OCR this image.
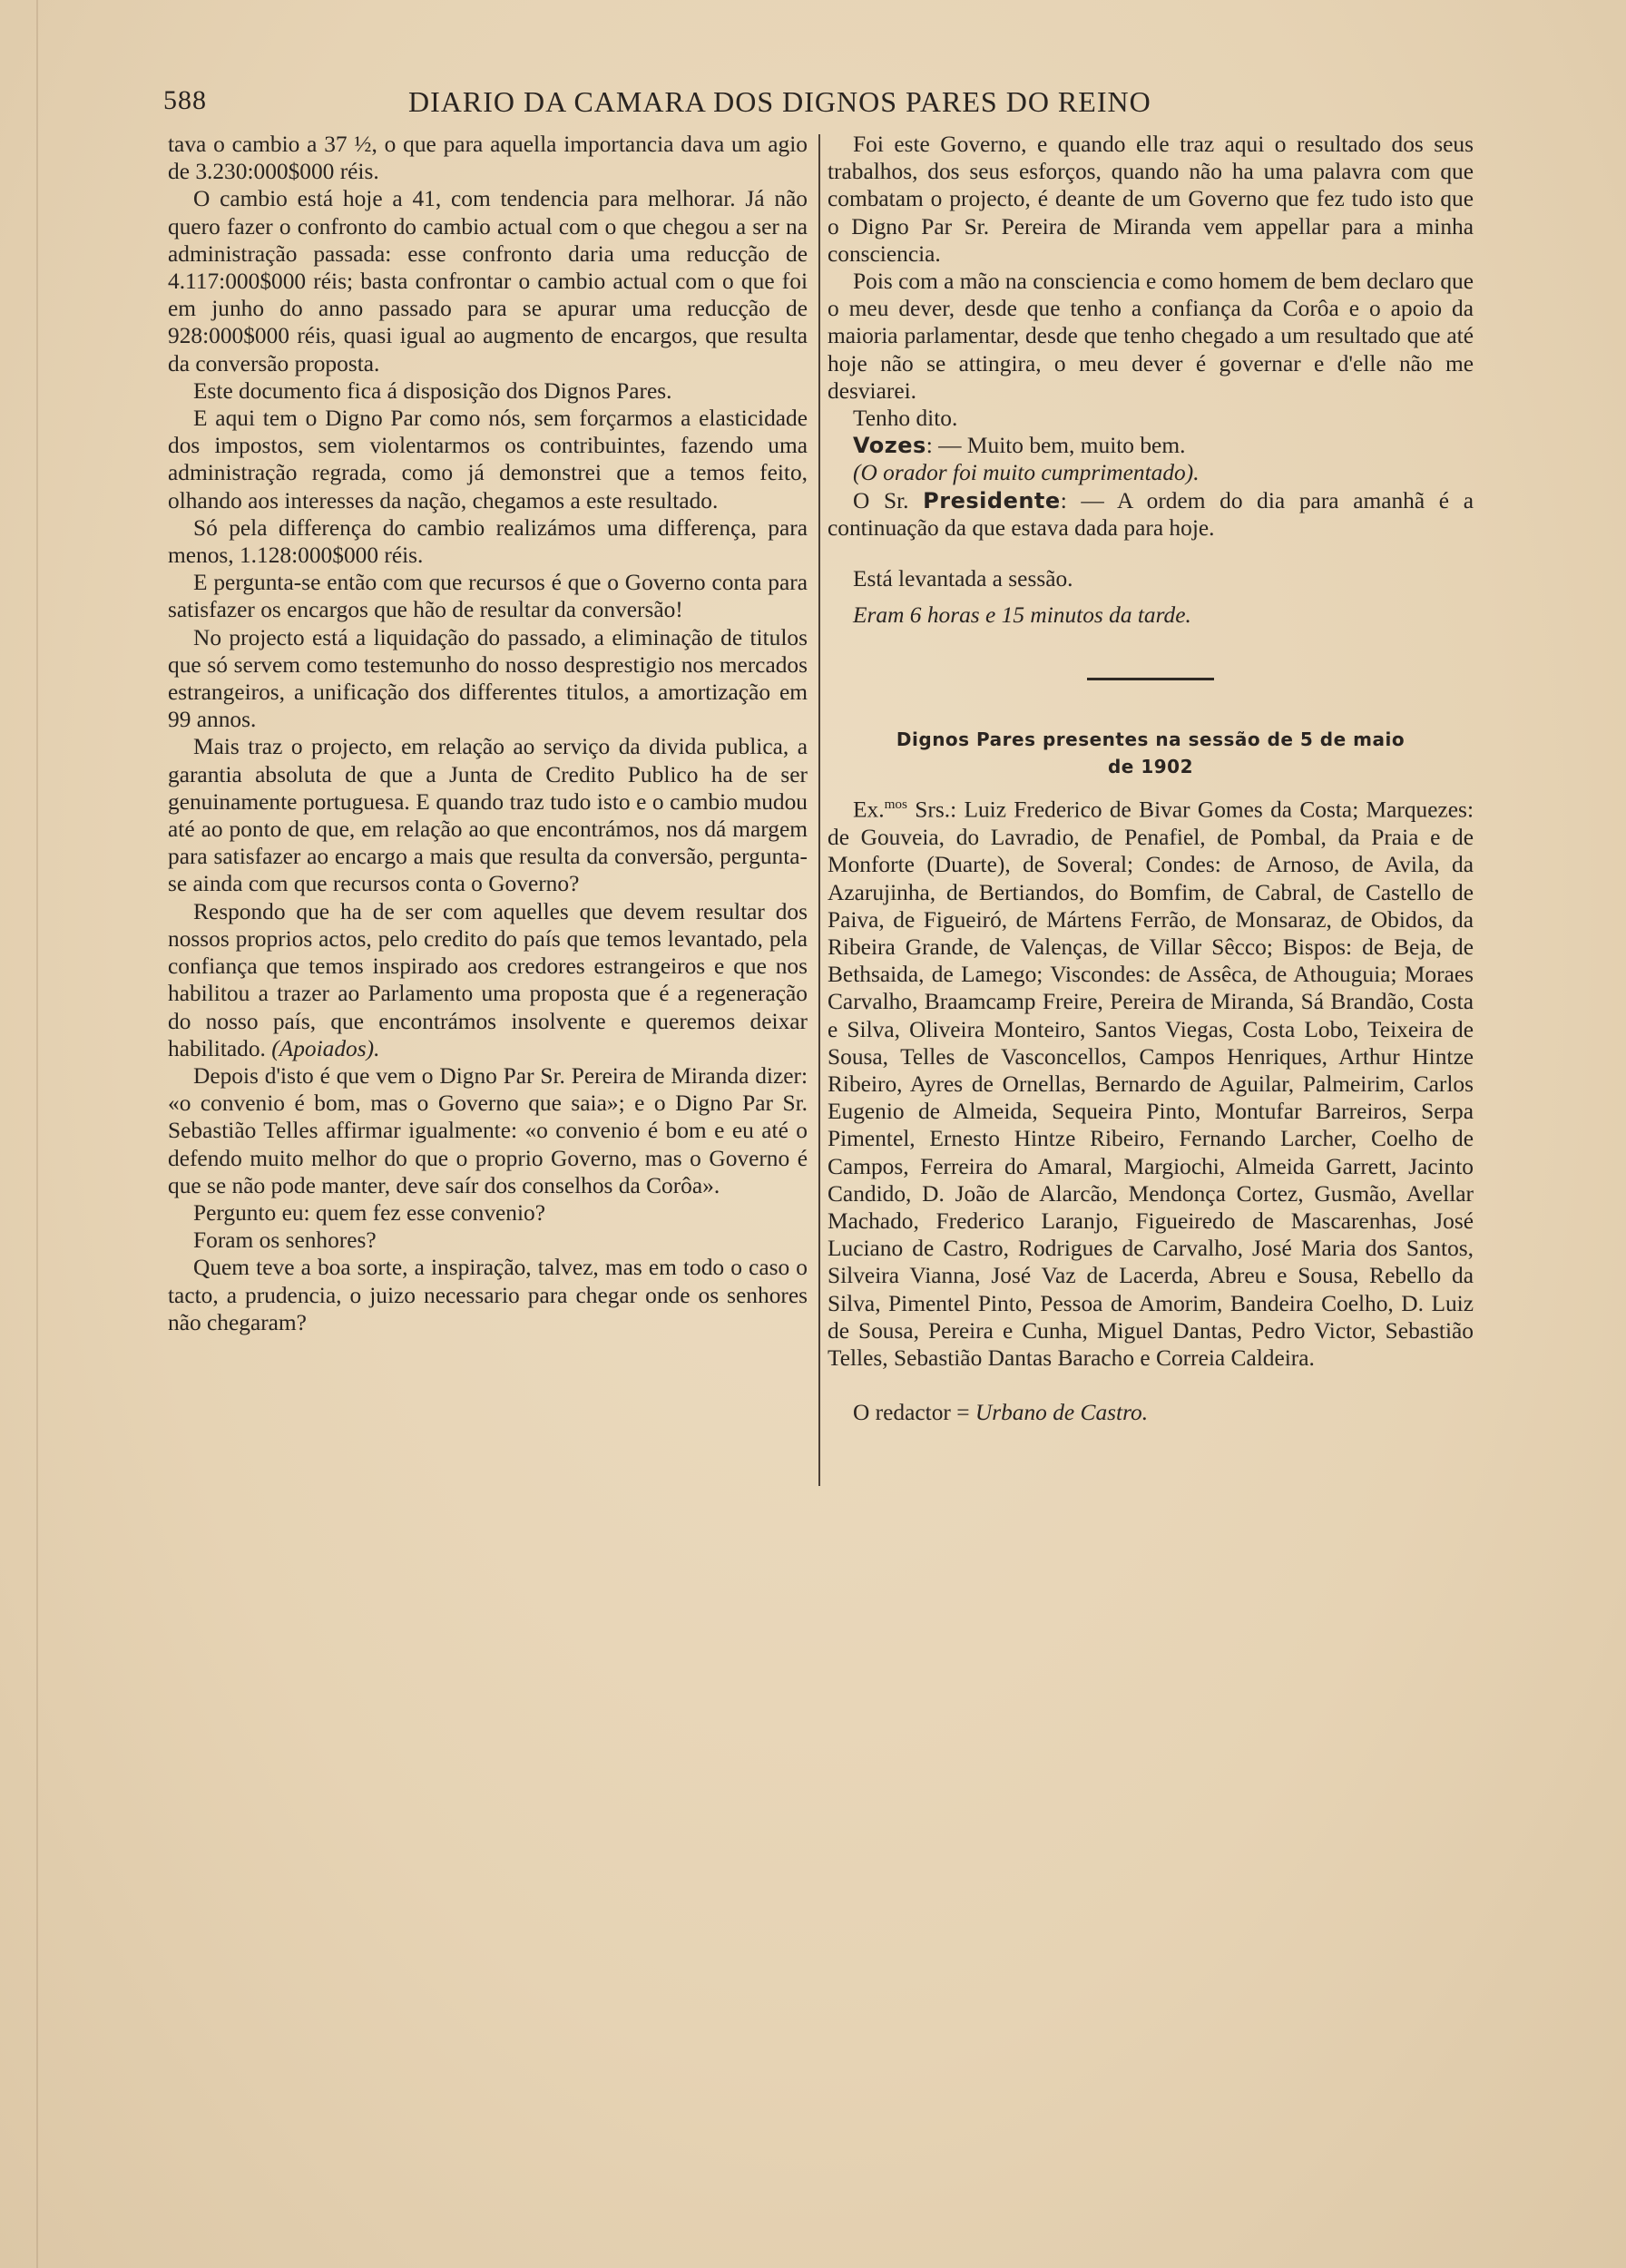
588	DIARIO DA CAMARA DOS DIGNOS PARES DO REINO

tava o cambio a 37 ½, o que para aquella importancia dava um agio de 3.230:000$000 réis.

O cambio está hoje a 41, com tendencia para melhorar. Já não quero fazer o confronto do cambio actual com o que chegou a ser na administração passada: esse confronto daria uma reducção de 4.117:000$000 réis; basta confrontar o cambio actual com o que foi em junho do anno passado para se apurar uma reducção de 928:000$000 réis, quasi igual ao augmento de encargos, que resulta da conversão proposta.

Este documento fica á disposição dos Dignos Pares.

E aqui tem o Digno Par como nós, sem forçarmos a elasticidade dos impostos, sem violentarmos os contribuintes, fazendo uma administração regrada, como já demonstrei que a temos feito, olhando aos interesses da nação, chegamos a este resultado.

Só pela differença do cambio realizámos uma differença, para menos, 1.128:000$000 réis.

E pergunta-se então com que recursos é que o Governo conta para satisfazer os encargos que hão de resultar da conversão!

No projecto está a liquidação do passado, a eliminação de titulos que só servem como testemunho do nosso desprestigio nos mercados estrangeiros, a unificação dos differentes titulos, a amortização em 99 annos.

Mais traz o projecto, em relação ao serviço da divida publica, a garantia absoluta de que a Junta de Credito Publico ha de ser genuinamente portuguesa. E quando traz tudo isto e o cambio mudou até ao ponto de que, em relação ao que encontrámos, nos dá margem para satisfazer ao encargo a mais que resulta da conversão, pergunta-se ainda com que recursos conta o Governo?

Respondo que ha de ser com aquelles que devem resultar dos nossos proprios actos, pelo credito do país que temos levantado, pela confiança que temos inspirado aos credores estrangeiros e que nos habilitou a trazer ao Parlamento uma proposta que é a regeneração do nosso país, que encontrámos insolvente e queremos deixar habilitado. (Apoiados).

Depois d'isto é que vem o Digno Par Sr. Pereira de Miranda dizer: «o convenio é bom, mas o Governo que saia»; e o Digno Par Sr. Sebastião Telles affirmar igualmente: «o convenio é bom e eu até o defendo muito melhor do que o proprio Governo, mas o Governo é que se não pode manter, deve saír dos conselhos da Corôa».

Pergunto eu: quem fez esse convenio?

Foram os senhores?

Quem teve a boa sorte, a inspiração, talvez, mas em todo o caso o tacto, a prudencia, o juizo necessario para chegar onde os senhores não chegaram?

Foi este Governo, e quando elle traz aqui o resultado dos seus trabalhos, dos seus esforços, quando não ha uma palavra com que combatam o projecto, é deante de um Governo que fez tudo isto que o Digno Par Sr. Pereira de Miranda vem appellar para a minha consciencia.

Pois com a mão na consciencia e como homem de bem declaro que o meu dever, desde que tenho a confiança da Corôa e o apoio da maioria parlamentar, desde que tenho chegado a um resultado que até hoje não se attingira, o meu dever é governar e d'elle não me desviarei.

Tenho dito.

Vozes: — Muito bem, muito bem.

(O orador foi muito cumprimentado).

O Sr. Presidente: — A ordem do dia para amanhã é a continuação da que estava dada para hoje.

Está levantada a sessão.

Eram 6 horas e 15 minutos da tarde.

Dignos Pares presentes na sessão de 5 de maio
de 1902

Ex.$^{mos}$ Srs.: Luiz Frederico de Bivar Gomes da Costa; Marquezes: de Gouveia, do Lavradio, de Penafiel, de Pombal, da Praia e de Monforte (Duarte), de Soveral; Condes: de Arnoso, de Avila, da Azarujinha, de Bertiandos, do Bomfim, de Cabral, de Castello de Paiva, de Figueiró, de Mártens Ferrão, de Monsaraz, de Obidos, da Ribeira Grande, de Valenças, de Villar Sêcco; Bispos: de Beja, de Bethsaida, de Lamego; Viscondes: de Assêca, de Athouguia; Moraes Carvalho, Braamcamp Freire, Pereira de Miranda, Sá Brandão, Costa e Silva, Oliveira Monteiro, Santos Viegas, Costa Lobo, Teixeira de Sousa, Telles de Vasconcellos, Campos Henriques, Arthur Hintze Ribeiro, Ayres de Ornellas, Bernardo de Aguilar, Palmeirim, Carlos Eugenio de Almeida, Sequeira Pinto, Montufar Barreiros, Serpa Pimentel, Ernesto Hintze Ribeiro, Fernando Larcher, Coelho de Campos, Ferreira do Amaral, Margiochi, Almeida Garrett, Jacinto Candido, D. João de Alarcão, Mendonça Cortez, Gusmão, Avellar Machado, Frederico Laranjo, Figueiredo de Mascarenhas, José Luciano de Castro, Rodrigues de Carvalho, José Maria dos Santos, Silveira Vianna, José Vaz de Lacerda, Abreu e Sousa, Rebello da Silva, Pimentel Pinto, Pessoa de Amorim, Bandeira Coelho, D. Luiz de Sousa, Pereira e Cunha, Miguel Dantas, Pedro Victor, Sebastião Telles, Sebastião Dantas Baracho e Correia Caldeira.

O redactor = Urbano de Castro.
